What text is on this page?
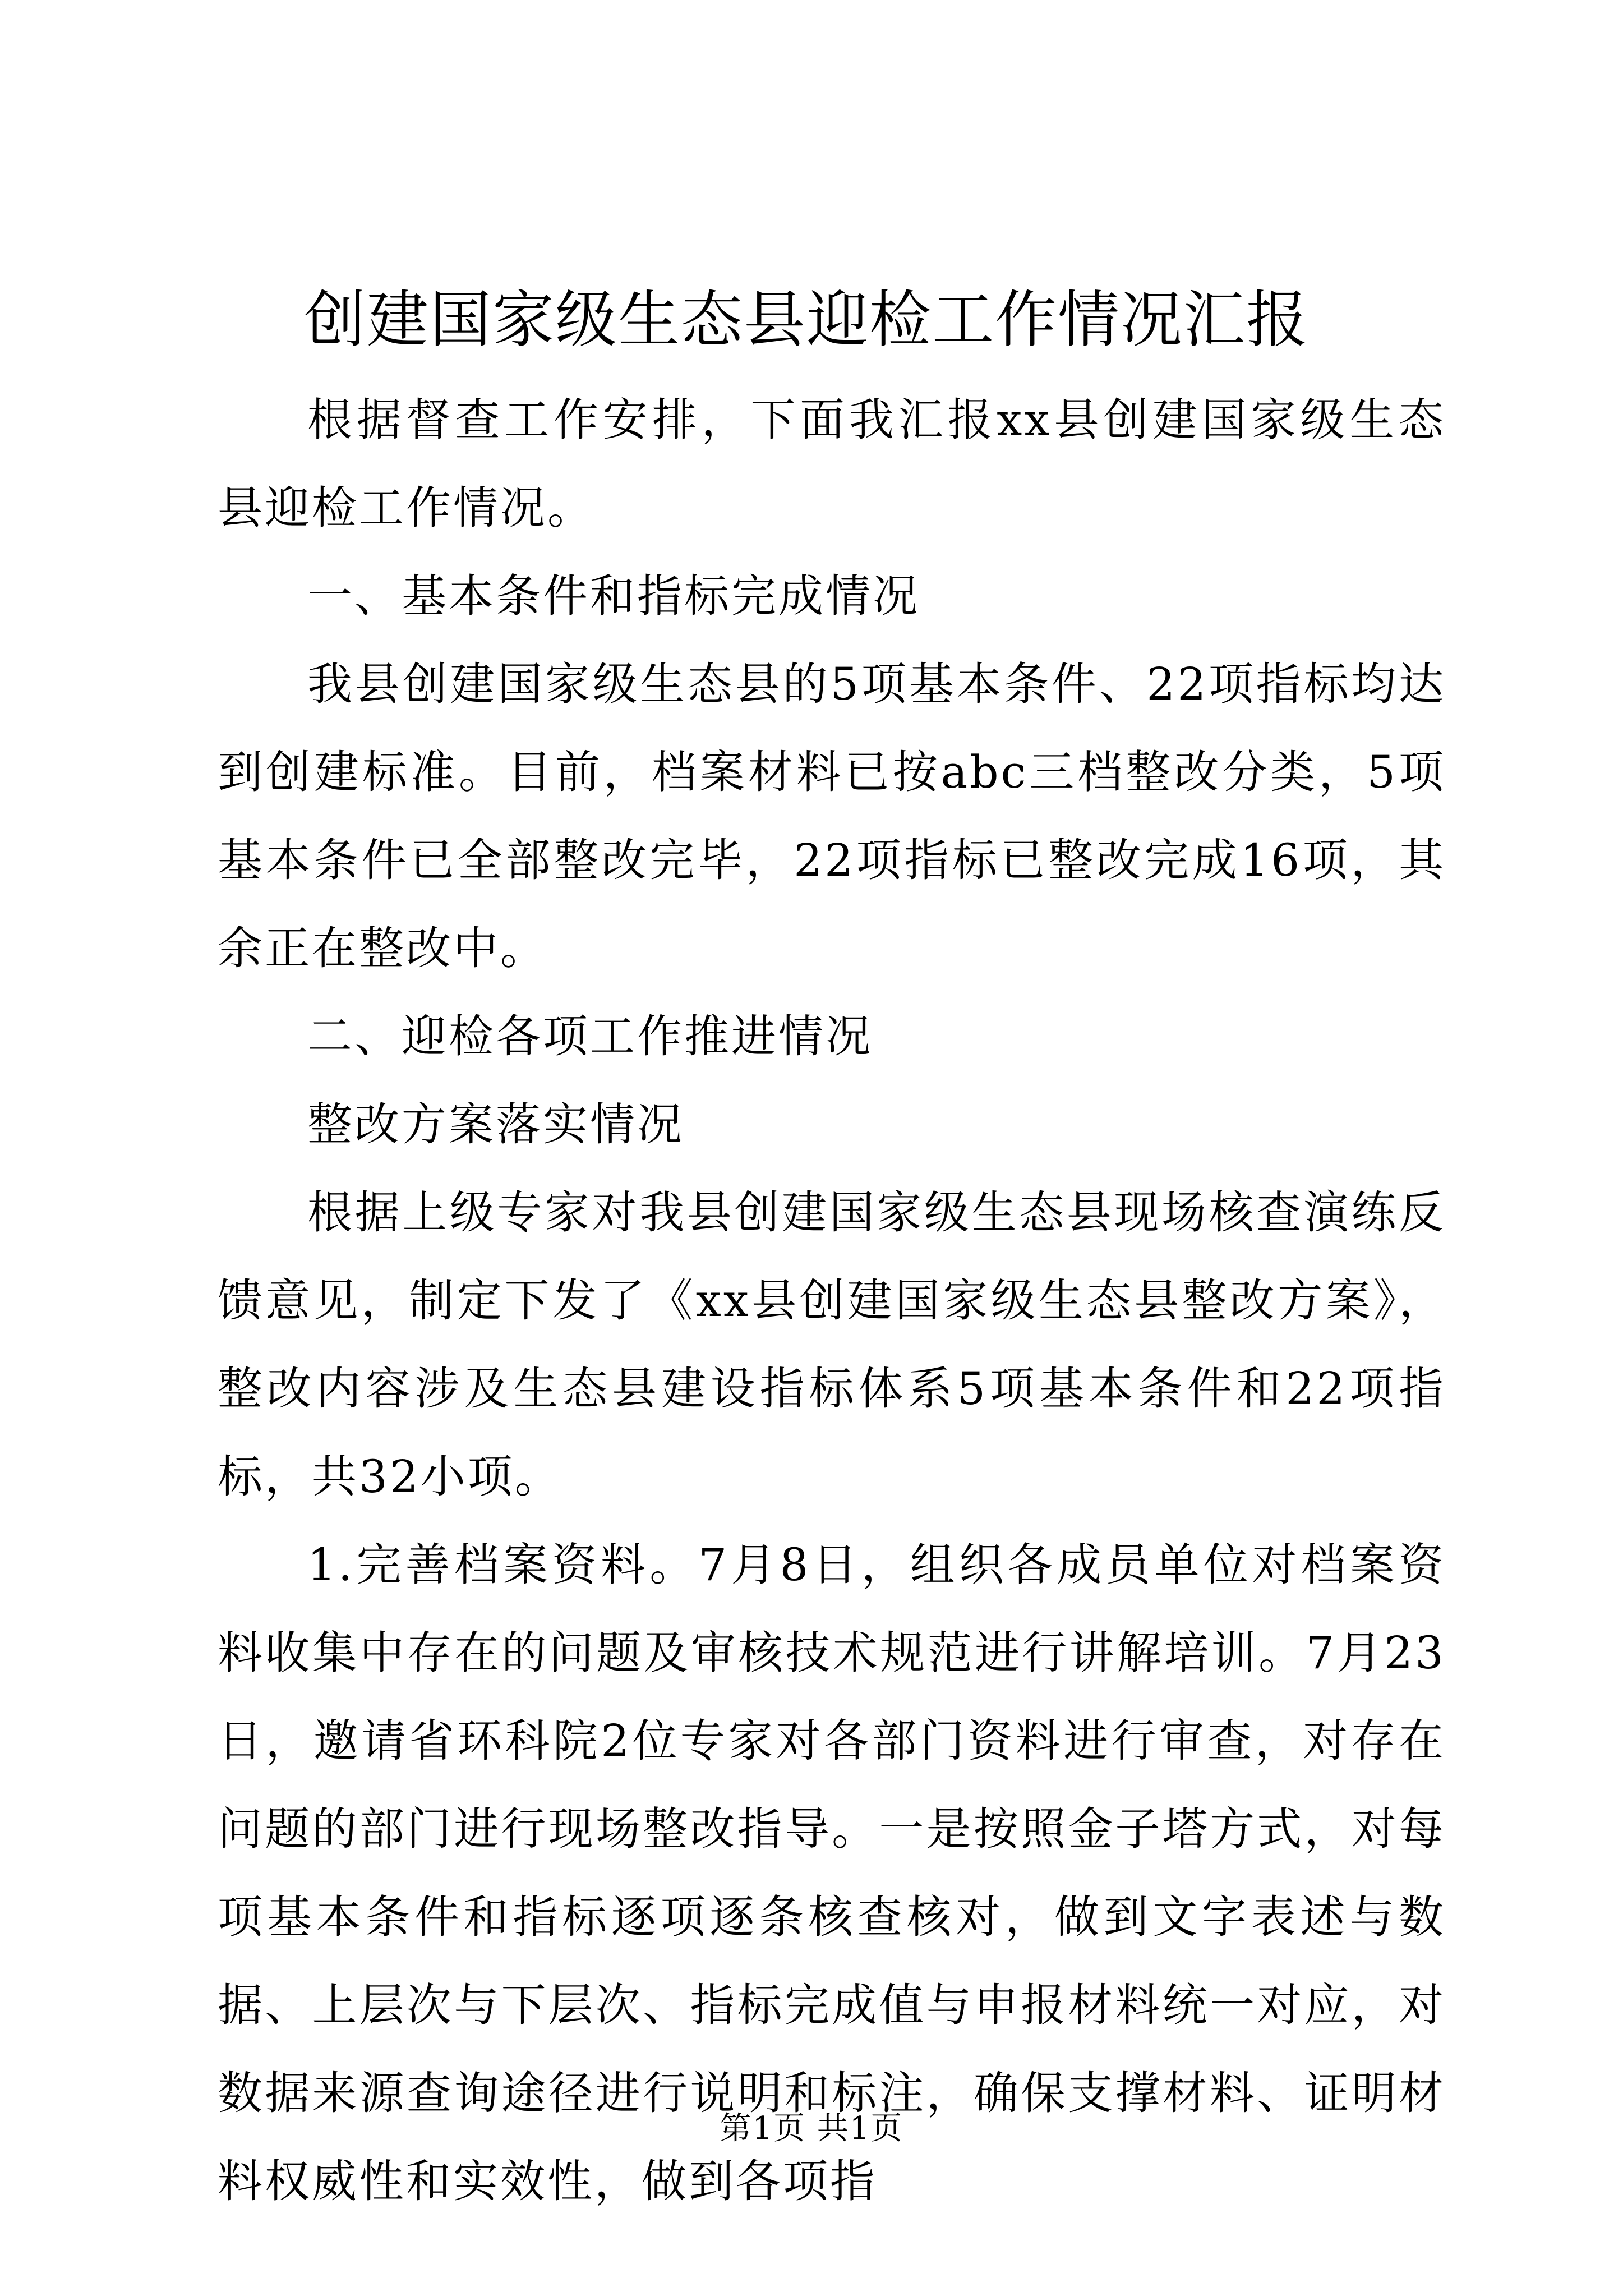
创建国家级生态县迎检工作情况汇报

根据督查工作安排，下面我汇报xx县创建国家级生态县迎检工作情况。

一、基本条件和指标完成情况

我县创建国家级生态县的5项基本条件、22项指标均达到创建标准。目前，档案材料已按abc三档整改分类，5项基本条件已全部整改完毕，22项指标已整改完成16项，其余正在整改中。

二、迎检各项工作推进情况

整改方案落实情况

根据上级专家对我县创建国家级生态县现场核查演练反馈意见，制定下发了《xx县创建国家级生态县整改方案》，整改内容涉及生态县建设指标体系5项基本条件和22项指标，共32小项。

1.完善档案资料。7月8日，组织各成员单位对档案资料收集中存在的问题及审核技术规范进行讲解培训。7月23日，邀请省环科院2位专家对各部门资料进行审查，对存在问题的部门进行现场整改指导。一是按照金子塔方式，对每项基本条件和指标逐项逐条核查核对，做到文字表述与数据、上层次与下层次、指标完成值与申报材料统一对应，对数据来源查询途径进行说明和标注，确保支撑材料、证明材料权威性和实效性，做到各项指

第1页 共1页
